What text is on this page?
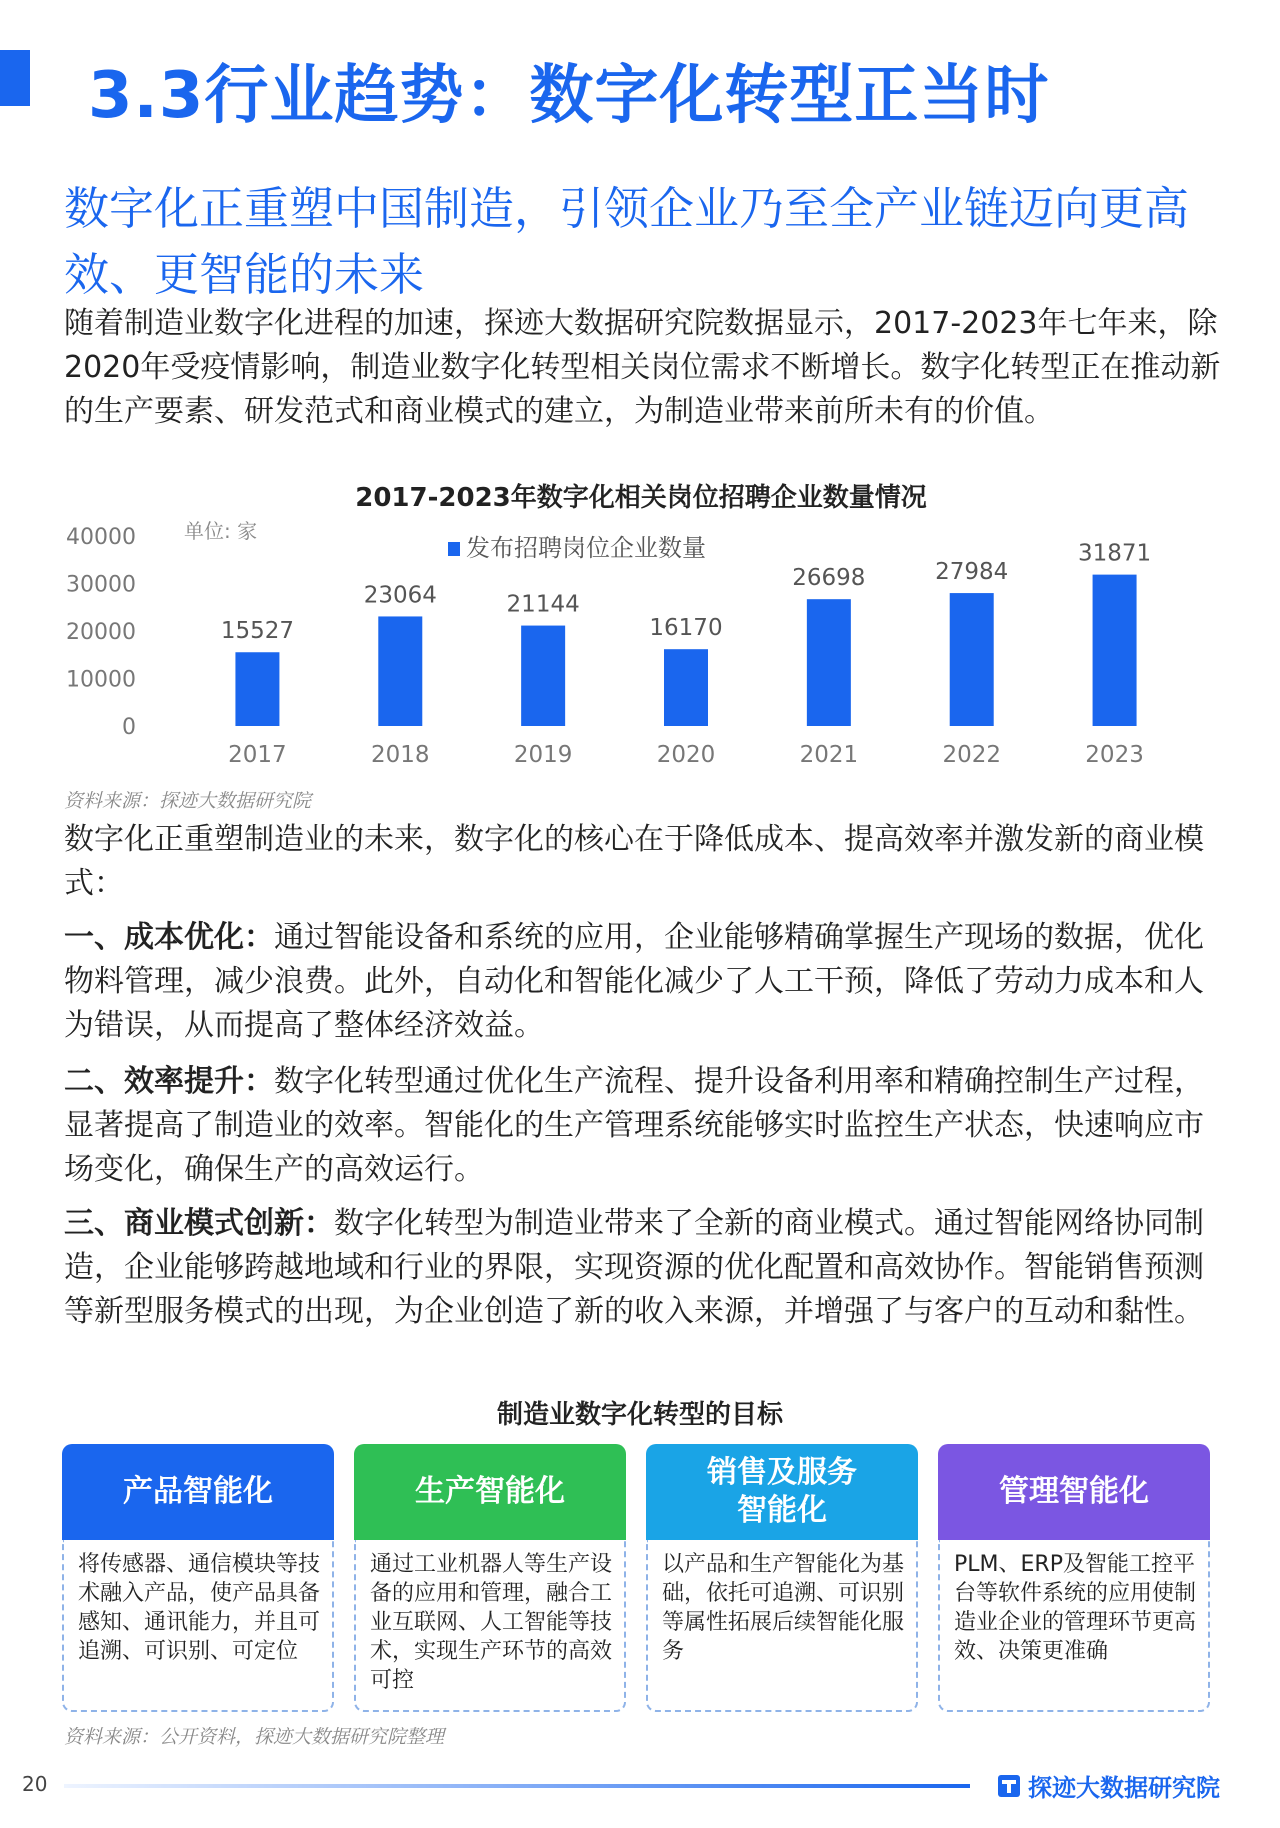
3.3行业趋势：数字化转型正当时
数字化正重塑中国制造，引领企业乃至全产业链迈向更高效、更智能的未来
随着制造业数字化进程的加速，探迹大数据研究院数据显示，2017-2023年七年来，除2020年受疫情影响，制造业数字化转型相关岗位需求不断增长。数字化转型正在推动新的生产要素、研发范式和商业模式的建立，为制造业带来前所未有的价值。
2017-2023年数字化相关岗位招聘企业数量情况
单位: 家
发布招聘岗位企业数量
0
10000
20000
30000
40000
15527
2017
23064
2018
21144
2019
16170
2020
26698
2021
27984
2022
31871
2023
资料来源：探迹大数据研究院
数字化正重塑制造业的未来，数字化的核心在于降低成本、提高效率并激发新的商业模式：
一、成本优化：通过智能设备和系统的应用，企业能够精确掌握生产现场的数据，优化物料管理，减少浪费。此外，自动化和智能化减少了人工干预，降低了劳动力成本和人为错误，从而提高了整体经济效益。
二、效率提升：数字化转型通过优化生产流程、提升设备利用率和精确控制生产过程，显著提高了制造业的效率。智能化的生产管理系统能够实时监控生产状态，快速响应市场变化，确保生产的高效运行。
三、商业模式创新：数字化转型为制造业带来了全新的商业模式。通过智能网络协同制造，企业能够跨越地域和行业的界限，实现资源的优化配置和高效协作。智能销售预测等新型服务模式的出现，为企业创造了新的收入来源，并增强了与客户的互动和黏性。
制造业数字化转型的目标
产品智能化
将传感器、通信模块等技术融入产品，使产品具备感知、通讯能力，并且可追溯、可识别、可定位
生产智能化
通过工业机器人等生产设备的应用和管理，融合工业互联网、人工智能等技术，实现生产环节的高效可控
销售及服务智能化
以产品和生产智能化为基础，依托可追溯、可识别等属性拓展后续智能化服务
管理智能化
PLM、ERP及智能工控平台等软件系统的应用使制造业企业的管理环节更高效、决策更准确
资料来源：公开资料，探迹大数据研究院整理
20	探迹大数据研究院
